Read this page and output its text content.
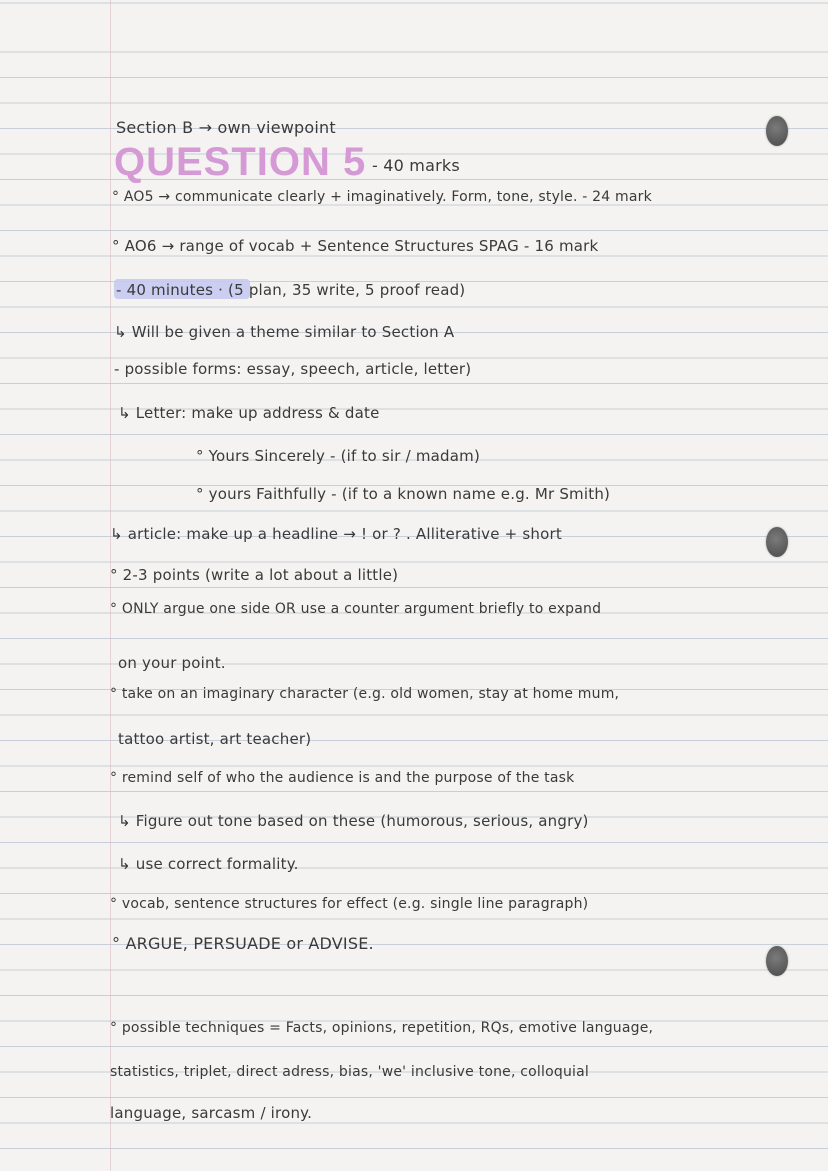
Section B → own viewpoint
QUESTION 5 - 40 marks
° AO5 → communicate clearly + imaginatively. Form, tone, style. - 24 mark
° AO6 → range of vocab + Sentence Structures SPAG - 16 mark
- 40 minutes · (5 plan, 35 write, 5 proof read)
↳ Will be given a theme similar to Section A
- possible forms: essay, speech, article, letter)
↳ Letter: make up address & date
° Yours Sincerely - (if to sir / madam)
° yours Faithfully - (if to a known name e.g. Mr Smith)
↳ article: make up a headline → ! or ? . Alliterative + short
° 2-3 points (write a lot about a little)
° ONLY argue one side OR use a counter argument briefly to expand
on your point.
° take on an imaginary character (e.g. old women, stay at home mum,
tattoo artist, art teacher)
° remind self of who the audience is and the purpose of the task
↳ Figure out tone based on these (humorous, serious, angry)
↳ use correct formality.
° vocab, sentence structures for effect (e.g. single line paragraph)
° ARGUE, PERSUADE or ADVISE.
° possible techniques = Facts, opinions, repetition, RQs, emotive language,
statistics, triplet, direct adress, bias, 'we' inclusive tone, colloquial
language, sarcasm / irony.
